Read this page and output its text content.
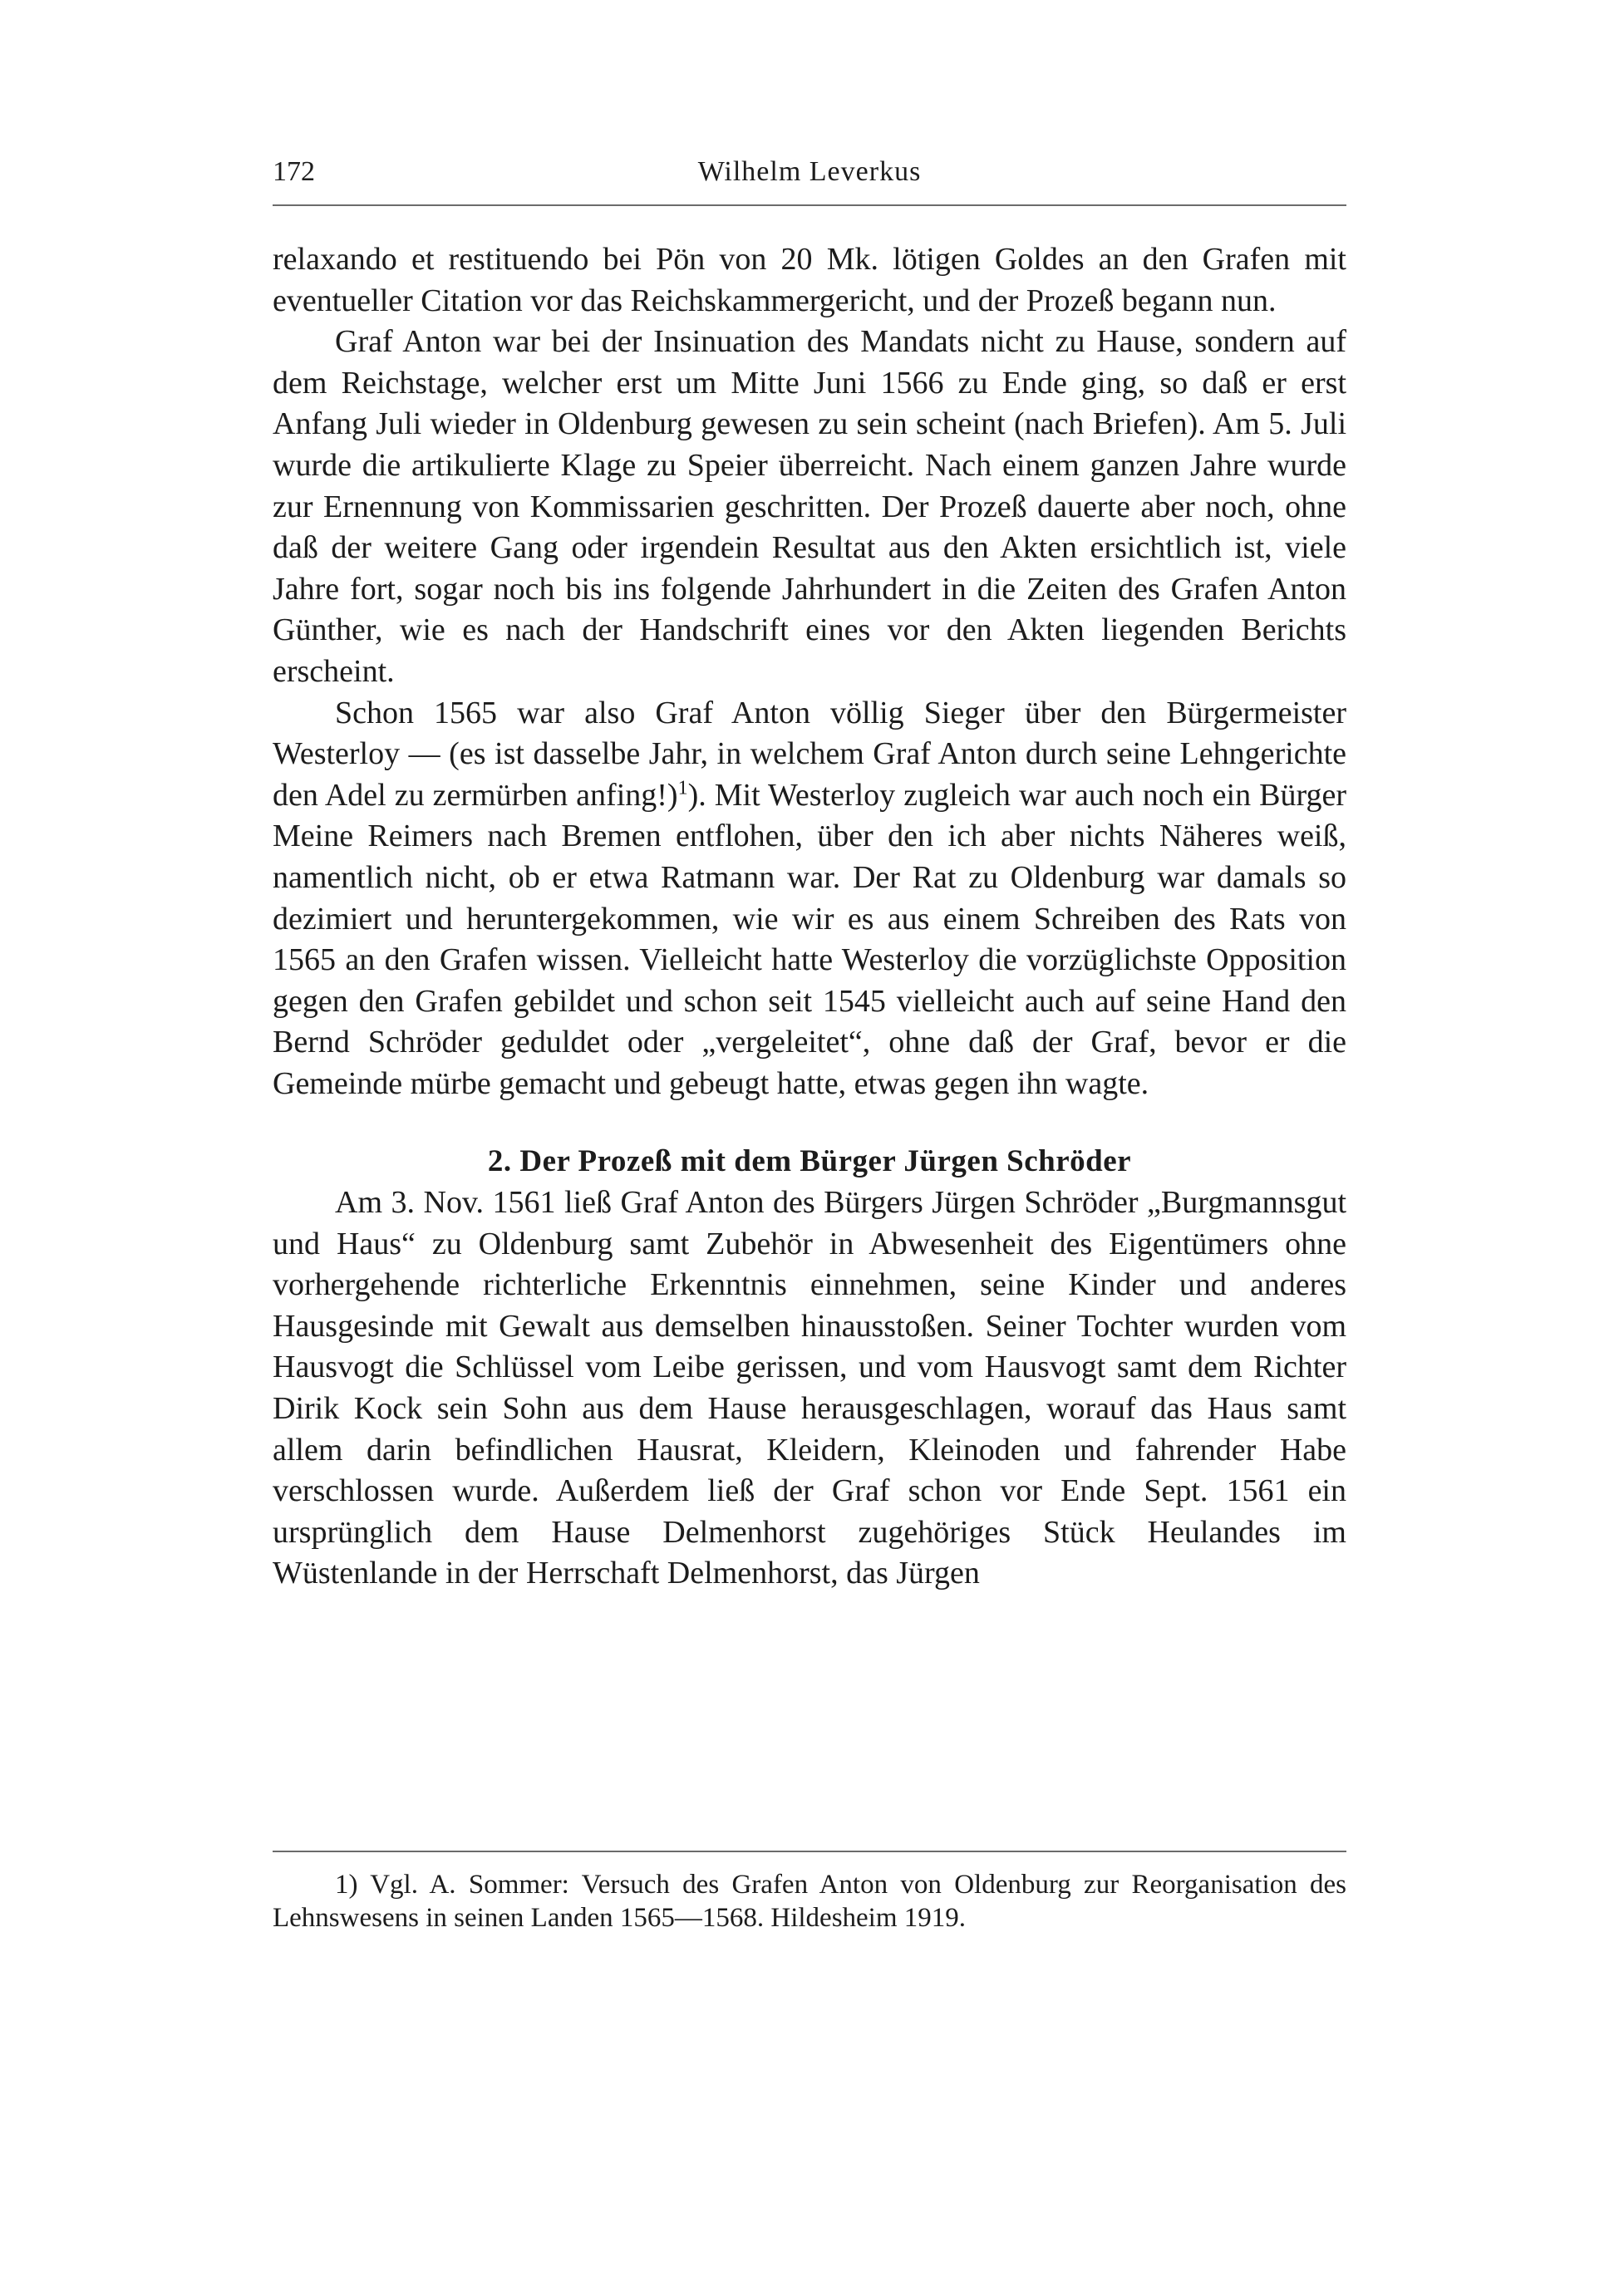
172	Wilhelm Leverkus

relaxando et restituendo bei Pön von 20 Mk. lötigen Goldes an den Grafen mit eventueller Citation vor das Reichskammergericht, und der Prozeß begann nun.

Graf Anton war bei der Insinuation des Mandats nicht zu Hause, sondern auf dem Reichstage, welcher erst um Mitte Juni 1566 zu Ende ging, so daß er erst Anfang Juli wieder in Oldenburg gewesen zu sein scheint (nach Briefen). Am 5. Juli wurde die artikulierte Klage zu Speier überreicht. Nach einem ganzen Jahre wurde zur Ernennung von Kommissarien geschritten. Der Prozeß dauerte aber noch, ohne daß der weitere Gang oder irgendein Resultat aus den Akten ersichtlich ist, viele Jahre fort, sogar noch bis ins folgende Jahrhundert in die Zeiten des Grafen Anton Günther, wie es nach der Handschrift eines vor den Akten liegenden Berichts erscheint.

Schon 1565 war also Graf Anton völlig Sieger über den Bürgermeister Westerloy — (es ist dasselbe Jahr, in welchem Graf Anton durch seine Lehngerichte den Adel zu zermürben anfing!)$^1$). Mit Westerloy zugleich war auch noch ein Bürger Meine Reimers nach Bremen entflohen, über den ich aber nichts Näheres weiß, namentlich nicht, ob er etwa Ratmann war. Der Rat zu Oldenburg war damals so dezimiert und heruntergekommen, wie wir es aus einem Schreiben des Rats von 1565 an den Grafen wissen. Vielleicht hatte Westerloy die vorzüglichste Opposition gegen den Grafen gebildet und schon seit 1545 vielleicht auch auf seine Hand den Bernd Schröder geduldet oder „vergeleitet“, ohne daß der Graf, bevor er die Gemeinde mürbe gemacht und gebeugt hatte, etwas gegen ihn wagte.

2. Der Prozeß mit dem Bürger Jürgen Schröder

Am 3. Nov. 1561 ließ Graf Anton des Bürgers Jürgen Schröder „Burgmannsgut und Haus“ zu Oldenburg samt Zubehör in Abwesenheit des Eigentümers ohne vorhergehende richterliche Erkenntnis einnehmen, seine Kinder und anderes Hausgesinde mit Gewalt aus demselben hinausstoßen. Seiner Tochter wurden vom Hausvogt die Schlüssel vom Leibe gerissen, und vom Hausvogt samt dem Richter Dirik Kock sein Sohn aus dem Hause herausgeschlagen, worauf das Haus samt allem darin befindlichen Hausrat, Kleidern, Kleinoden und fahrender Habe verschlossen wurde. Außerdem ließ der Graf schon vor Ende Sept. 1561 ein ursprünglich dem Hause Delmenhorst zugehöriges Stück Heulandes im Wüstenlande in der Herrschaft Delmenhorst, das Jürgen

1) Vgl. A. Sommer: Versuch des Grafen Anton von Oldenburg zur Reorganisation des Lehnswesens in seinen Landen 1565—1568. Hildesheim 1919.
